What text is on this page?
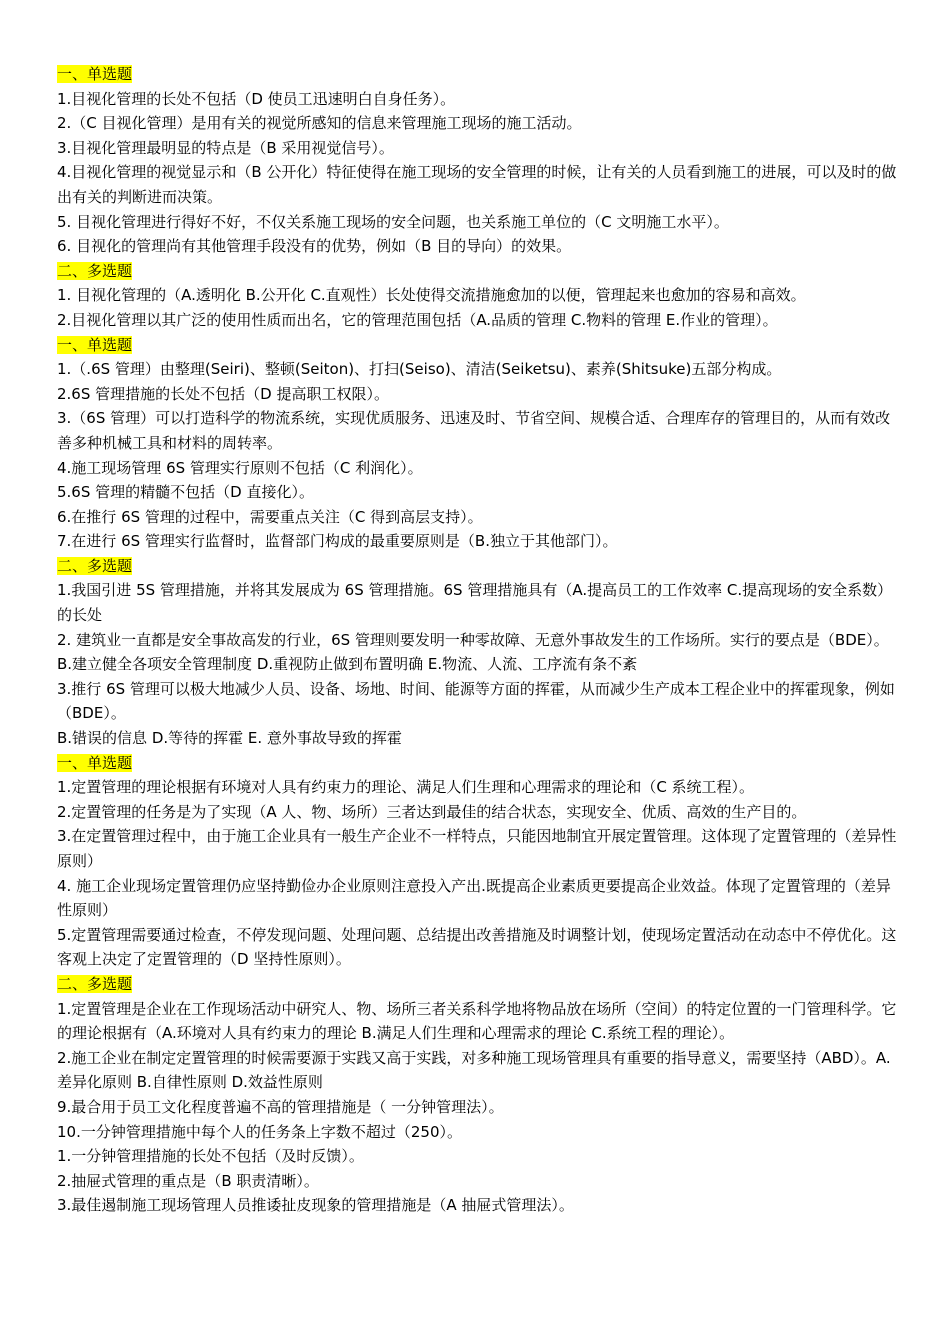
一、单选题
1.目视化管理的长处不包括（D 使员工迅速明白自身任务）。
2.（C 目视化管理）是用有关的视觉所感知的信息来管理施工现场的施工活动。
3.目视化管理最明显的特点是（B 采用视觉信号）。
4.目视化管理的视觉显示和（B 公开化）特征使得在施工现场的安全管理的时候，让有关的人员看到施工的进展，可以及时的做出有关的判断进而决策。
5. 目视化管理进行得好不好，不仅关系施工现场的安全问题，也关系施工单位的（C 文明施工水平）。
6. 目视化的管理尚有其他管理手段没有的优势，例如（B 目的导向）的效果。
二、多选题
1. 目视化管理的（A.透明化 B.公开化 C.直观性）长处使得交流措施愈加的以便，管理起来也愈加的容易和高效。
2.目视化管理以其广泛的使用性质而出名，它的管理范围包括（A.品质的管理 C.物料的管理 E.作业的管理）。
一、单选题
1.（.6S 管理）由整理(Seiri)、整顿(Seiton)、打扫(Seiso)、清洁(Seiketsu)、素养(Shitsuke)五部分构成。
2.6S 管理措施的长处不包括（D 提高职工权限）。
3.（6S 管理）可以打造科学的物流系统，实现优质服务、迅速及时、节省空间、规模合适、合理库存的管理目的，从而有效改善多种机械工具和材料的周转率。
4.施工现场管理 6S 管理实行原则不包括（C 利润化）。
5.6S 管理的精髓不包括（D 直接化）。
6.在推行 6S 管理的过程中，需要重点关注（C 得到高层支持）。
7.在进行 6S 管理实行监督时，监督部门构成的最重要原则是（B.独立于其他部门）。
二、多选题
1.我国引进 5S 管理措施，并将其发展成为 6S 管理措施。6S 管理措施具有（A.提高员工的工作效率 C.提高现场的安全系数）的长处
2. 建筑业一直都是安全事故高发的行业，6S 管理则要发明一种零故障、无意外事故发生的工作场所。实行的要点是（BDE）。
B.建立健全各项安全管理制度 D.重视防止做到布置明确 E.物流、人流、工序流有条不紊
3.推行 6S 管理可以极大地减少人员、设备、场地、时间、能源等方面的挥霍，从而减少生产成本工程企业中的挥霍现象，例如（BDE）。
B.错误的信息 D.等待的挥霍 E. 意外事故导致的挥霍
一、单选题
1.定置管理的理论根据有环境对人具有约束力的理论、满足人们生理和心理需求的理论和（C 系统工程）。
2.定置管理的任务是为了实现（A 人、物、场所）三者达到最佳的结合状态，实现安全、优质、高效的生产目的。
3.在定置管理过程中，由于施工企业具有一般生产企业不一样特点，只能因地制宜开展定置管理。这体现了定置管理的（差异性原则）
4. 施工企业现场定置管理仍应坚持勤俭办企业原则注意投入产出.既提高企业素质更要提高企业效益。体现了定置管理的（差异性原则）
5.定置管理需要通过检查，不停发现问题、处理问题、总结提出改善措施及时调整计划，使现场定置活动在动态中不停优化。这客观上决定了定置管理的（D 坚持性原则）。
二、多选题
1.定置管理是企业在工作现场活动中研究人、物、场所三者关系科学地将物品放在场所（空间）的特定位置的一门管理科学。它的理论根据有（A.环境对人具有约束力的理论 B.满足人们生理和心理需求的理论 C.系统工程的理论）。
2.施工企业在制定定置管理的时候需要源于实践又高于实践，对多种施工现场管理具有重要的指导意义，需要坚持（ABD）。A.差异化原则 B.自律性原则 D.效益性原则
9.最合用于员工文化程度普遍不高的管理措施是（ 一分钟管理法）。
10.一分钟管理措施中每个人的任务条上字数不超过（250）。
1.一分钟管理措施的长处不包括（及时反馈）。
2.抽屉式管理的重点是（B 职责清晰）。
3.最佳遏制施工现场管理人员推诿扯皮现象的管理措施是（A 抽屉式管理法）。
